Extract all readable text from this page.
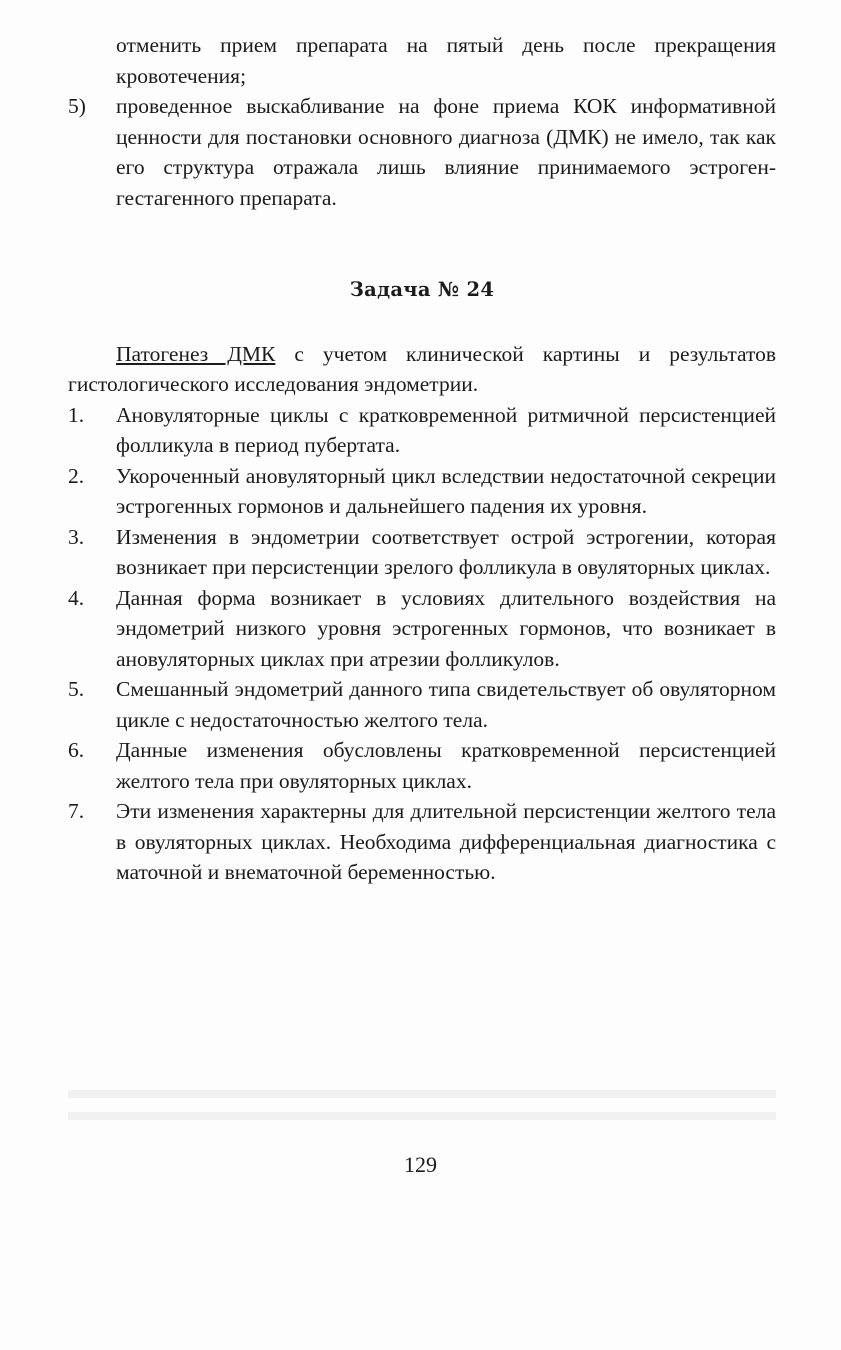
отменить прием препарата на пятый день после прекращения кровотечения;
5) проведенное выскабливание на фоне приема КОК информативной ценности для постановки основного диагноза (ДМК) не имело, так как его структура отражала лишь влияние принимаемого эстроген-гестагенного препарата.
Задача № 24
Патогенез ДМК с учетом клинической картины и результатов гистологического исследования эндометрии.
1. Ановуляторные циклы с кратковременной ритмичной персистенцией фолликула в период пубертата.
2. Укороченный ановуляторный цикл вследствии недостаточной секреции эстрогенных гормонов и дальнейшего падения их уровня.
3. Изменения в эндометрии соответствует острой эстрогении, которая возникает при персистенции зрелого фолликула в овуляторных циклах.
4. Данная форма возникает в условиях длительного воздействия на эндометрий низкого уровня эстрогенных гормонов, что возникает в ановуляторных циклах при атрезии фолликулов.
5. Смешанный эндометрий данного типа свидетельствует об овуляторном цикле с недостаточностью желтого тела.
6. Данные изменения обусловлены кратковременной персистенцией желтого тела при овуляторных циклах.
7. Эти изменения характерны для длительной персистенции желтого тела в овуляторных циклах. Необходима дифференциальная диагностика с маточной и внематочной беременностью.
129
